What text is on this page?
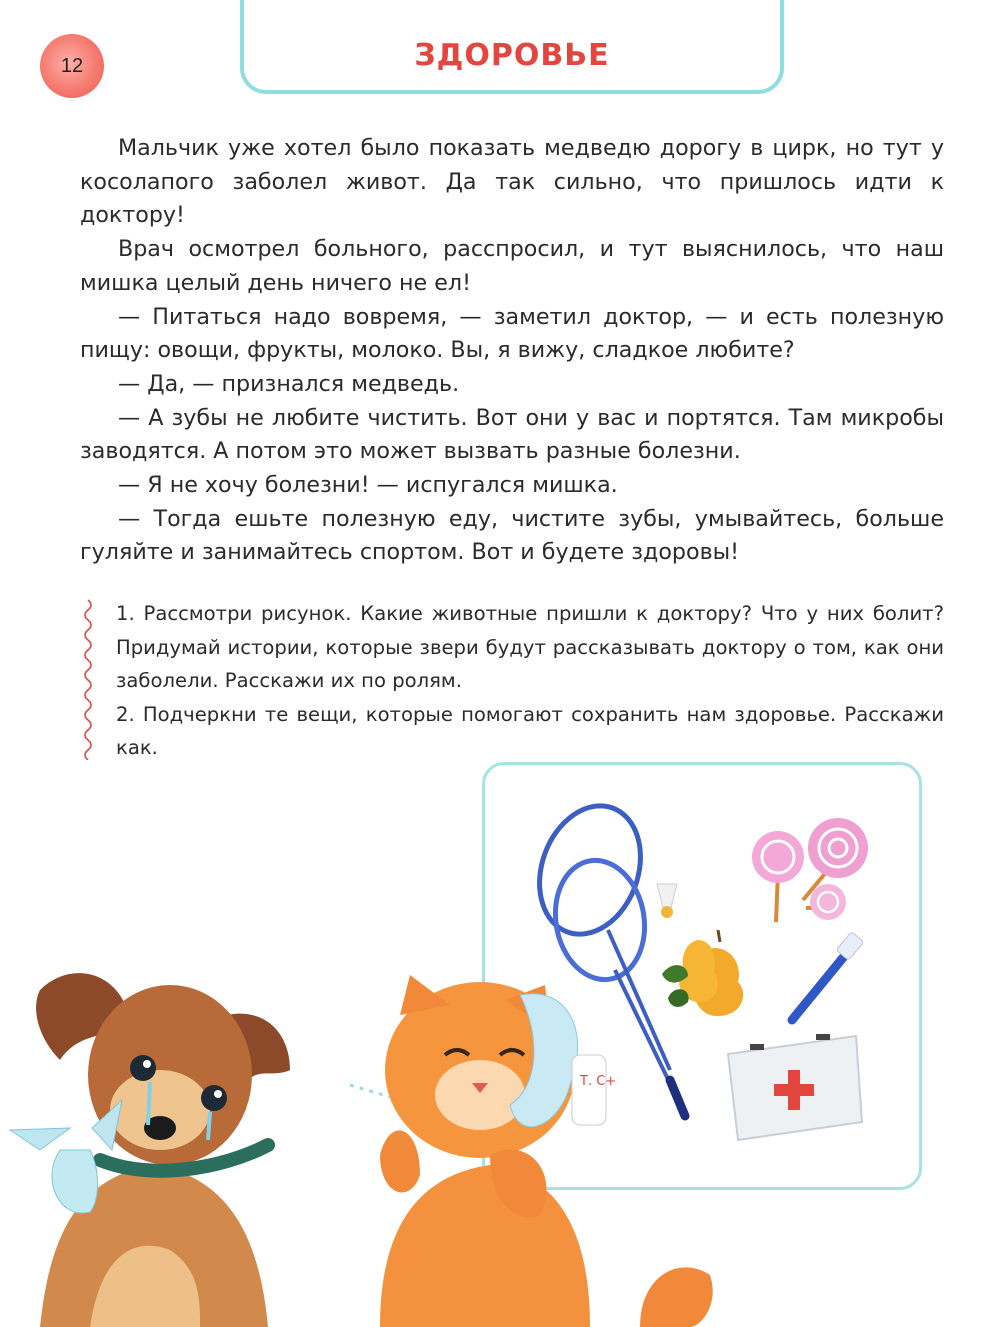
ЗДОРОВЬЕ
12

Мальчик уже хотел было показать медведю дорогу в цирк, но тут у косолапого заболел живот. Да так сильно, что пришлось идти к доктору!

Врач осмотрел больного, расспросил, и тут выяснилось, что наш мишка целый день ничего не ел!

— Питаться надо вовремя, — заметил доктор, — и есть полезную пищу: овощи, фрукты, молоко. Вы, я вижу, сладкое любите?

— Да, — признался медведь.

— А зубы не любите чистить. Вот они у вас и портятся. Там микробы заводятся. А потом это может вызвать разные болезни.

— Я не хочу болезни! — испугался мишка.

— Тогда ешьте полезную еду, чистите зубы, умывайтесь, больше гуляйте и занимайтесь спортом. Вот и будете здоровы!

1. Рассмотри рисунок. Какие животные пришли к доктору? Что у них болит? Придумай истории, которые звери будут рассказывать доктору о том, как они заболели. Расскажи их по ролям.

2. Подчеркни те вещи, которые помогают сохранить нам здоровье. Расскажи как.

Т. C+
